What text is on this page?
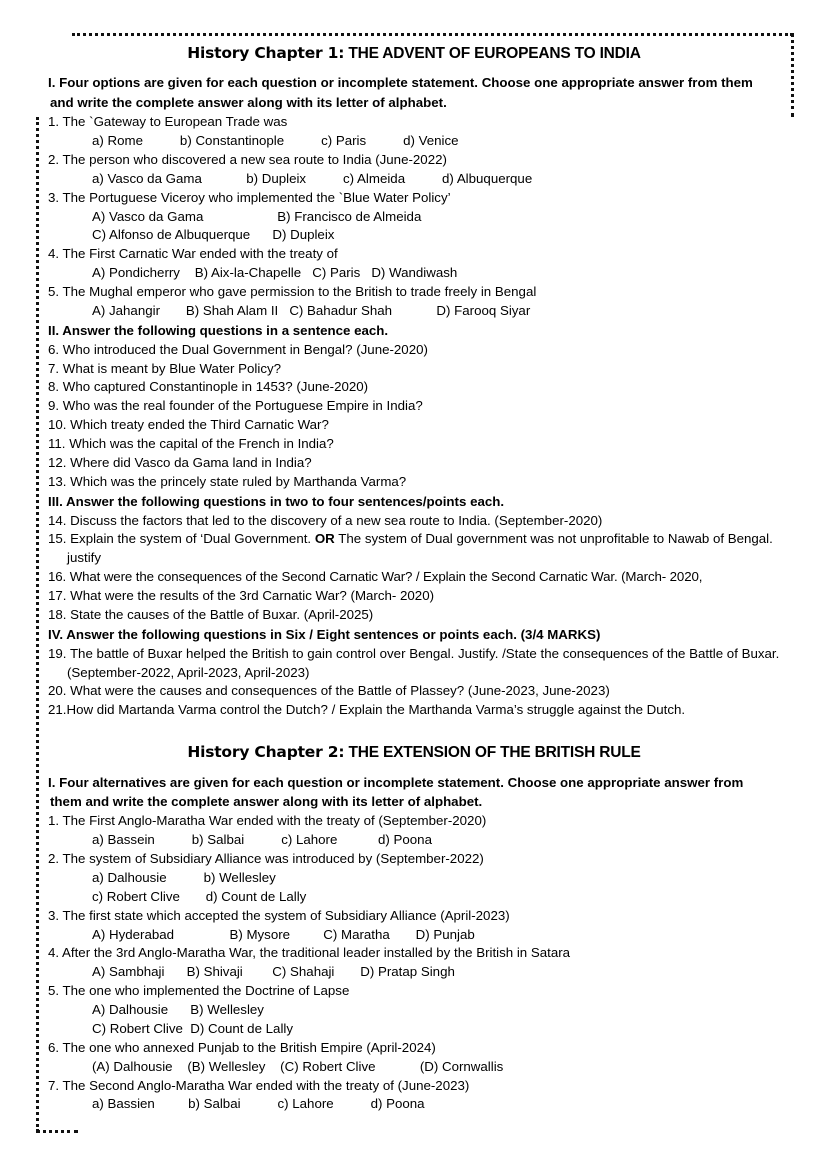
History Chapter 1: THE ADVENT OF EUROPEANS TO INDIA
I. Four options are given for each question or incomplete statement. Choose one appropriate answer from them
and write the complete answer along with its letter of alphabet.
1. The `Gateway to European Trade was
a) Rome          b) Constantinople          c) Paris          d) Venice
2. The person who discovered a new sea route to India (June-2022)
a) Vasco da Gama            b) Dupleix          c) Almeida          d) Albuquerque
3. The Portuguese Viceroy who implemented the `Blue Water Policy’
A) Vasco da Gama                    B) Francisco de Almeida
C) Alfonso de Albuquerque      D) Dupleix
4. The First Carnatic War ended with the treaty of
A) Pondicherry    B) Aix-la-Chapelle   C) Paris   D) Wandiwash
5. The Mughal emperor who gave permission to the British to trade freely in Bengal
A) Jahangir       B) Shah Alam II   C) Bahadur Shah            D) Farooq Siyar
II. Answer the following questions in a sentence each.
6. Who introduced the Dual Government in Bengal? (June-2020)
7. What is meant by Blue Water Policy?
8. Who captured Constantinople in 1453? (June-2020)
9. Who was the real founder of the Portuguese Empire in India?
10. Which treaty ended the Third Carnatic War?
11. Which was the capital of the French in India?
12. Where did Vasco da Gama land in India?
13. Which was the princely state ruled by Marthanda Varma?
III. Answer the following questions in two to four sentences/points each.
14. Discuss the factors that led to the discovery of a new sea route to India. (September-2020)
15. Explain the system of ‘Dual Government. OR The system of Dual government was not unprofitable to Nawab of Bengal. justify
16. What were the consequences of the Second Carnatic War? / Explain the Second Carnatic War. (March- 2020,
17. What were the results of the 3rd Carnatic War? (March- 2020)
18. State the causes of the Battle of Buxar. (April-2025)
IV. Answer the following questions in Six / Eight sentences or points each. (3/4 MARKS)
19. The battle of Buxar helped the British to gain control over Bengal. Justify. /State the consequences of the Battle of Buxar. (September-2022, April-2023, April-2023)
20. What were the causes and consequences of the Battle of Plassey? (June-2023, June-2023)
21.How did Martanda Varma control the Dutch? / Explain the Marthanda Varma’s struggle against the Dutch.
History Chapter 2: THE EXTENSION OF THE BRITISH RULE
I. Four alternatives are given for each question or incomplete statement. Choose one appropriate answer from
them and write the complete answer along with its letter of alphabet.
1. The First Anglo-Maratha War ended with the treaty of (September-2020)
a) Bassein          b) Salbai          c) Lahore           d) Poona
2. The system of Subsidiary Alliance was introduced by (September-2022)
a) Dalhousie          b) Wellesley
c) Robert Clive       d) Count de Lally
3. The first state which accepted the system of Subsidiary Alliance (April-2023)
A) Hyderabad               B) Mysore         C) Maratha       D) Punjab
4. After the 3rd Anglo-Maratha War, the traditional leader installed by the British in Satara
A) Sambhaji      B) Shivaji        C) Shahaji       D) Pratap Singh
5. The one who implemented the Doctrine of Lapse
A) Dalhousie      B) Wellesley
C) Robert Clive  D) Count de Lally
6. The one who annexed Punjab to the British Empire (April-2024)
(A) Dalhousie    (B) Wellesley    (C) Robert Clive            (D) Cornwallis
7. The Second Anglo-Maratha War ended with the treaty of (June-2023)
a) Bassien         b) Salbai          c) Lahore          d) Poona
